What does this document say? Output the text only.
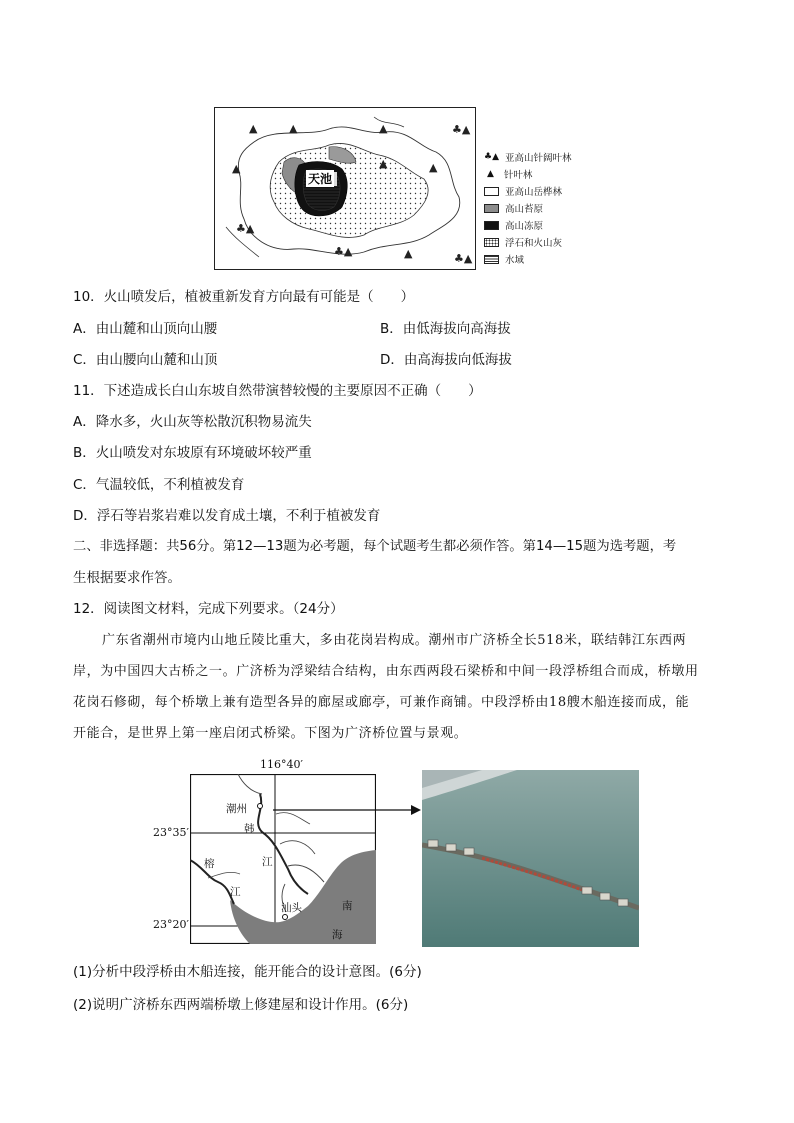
▲	▲	▲	♣▲
▲	▲	▲
♣▲
♣▲
♣▲
▲
天池
♣▲ 亚高山针阔叶林
▲ 针叶林
亚高山岳桦林
高山苔原
高山冻原
浮石和火山灰
水域
10．火山喷发后，植被重新发育方向最有可能是（　　）
A．由山麓和山顶向山腰	B．由低海拔向高海拔
C．由山腰向山麓和山顶	D．由高海拔向低海拔
11．下述造成长白山东坡自然带演替较慢的主要原因不正确（　　）
A．降水多，火山灰等松散沉积物易流失
B．火山喷发对东坡原有环境破坏较严重
C．气温较低，不利植被发育
D．浮石等岩浆岩难以发育成土壤，不利于植被发育
二、非选择题：共56分。第12—13题为必考题，每个试题考生都必须作答。第14—15题为选考题，考
生根据要求作答。
12．阅读图文材料，完成下列要求。（24分）
广东省潮州市境内山地丘陵比重大，多由花岗岩构成。潮州市广济桥全长518米，联结韩江东西两
岸，为中国四大古桥之一。广济桥为浮梁结合结构，由东西两段石梁桥和中间一段浮桥组合而成，桥墩用
花岗石修砌，每个桥墩上兼有造型各异的廊屋或廊亭，可兼作商铺。中段浮桥由18艘木船连接而成，能
开能合，是世界上第一座启闭式桥梁。下图为广济桥位置与景观。
潮州
韩
江
榕
江
汕头	南
海
116°40′
23°35′
23°20′
(1)分析中段浮桥由木船连接，能开能合的设计意图。(6分)
(2)说明广济桥东西两端桥墩上修建屋和设计作用。(6分)
